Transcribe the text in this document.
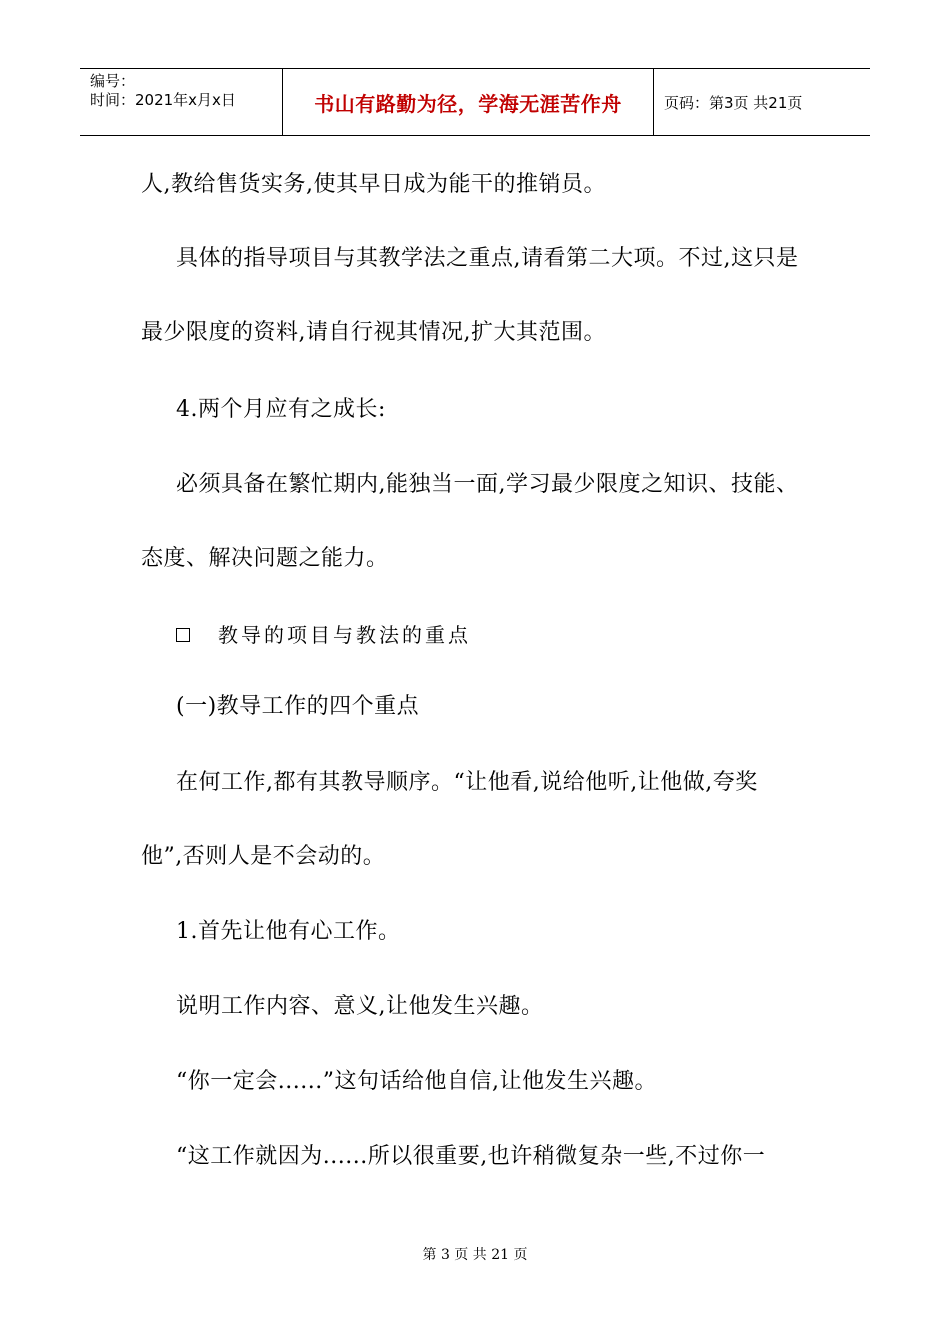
编号：
时间：2021年x月x日	书山有路勤为径，学海无涯苦作舟	页码：第3页 共21页
人,教给售货实务,使其早日成为能干的推销员。
具体的指导项目与其教学法之重点,请看第二大项。不过,这只是
最少限度的资料,请自行视其情况,扩大其范围。
4.两个月应有之成长:
必须具备在繁忙期内,能独当一面,学习最少限度之知识、技能、
态度、解决问题之能力。
教导的项目与教法的重点
(一)教导工作的四个重点
在何工作,都有其教导顺序。“让他看,说给他听,让他做,夸奖
他”,否则人是不会动的。
1.首先让他有心工作。
说明工作内容、意义,让他发生兴趣。
“你一定会......”这句话给他自信,让他发生兴趣。
“这工作就因为......所以很重要,也许稍微复杂一些,不过你一
第 3 页 共 21 页
